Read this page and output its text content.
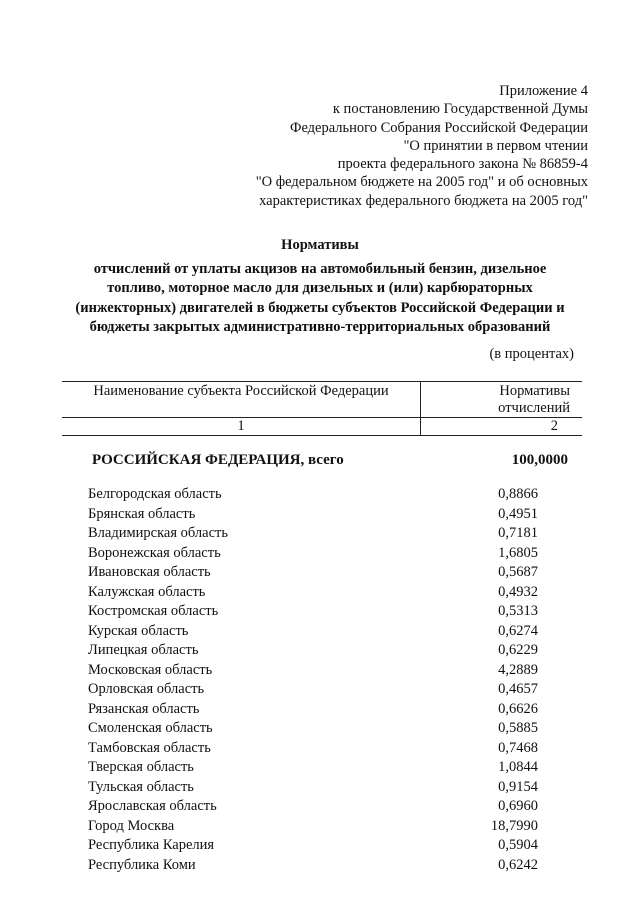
Приложение 4
к постановлению Государственной Думы
Федерального Собрания Российской Федерации
"О принятии в первом чтении
проекта федерального закона № 86859-4
"О федеральном бюджете на 2005 год" и об основных
характеристиках федерального бюджета на 2005 год"
Нормативы
отчислений от уплаты акцизов на автомобильный бензин, дизельное
топливо, моторное масло для дизельных и (или) карбюраторных
(инжекторных) двигателей в бюджеты субъектов Российской Федерации и
бюджеты закрытых административно-территориальных образований
(в процентах)
Наименование субъекта Российской Федерации	Нормативы
отчислений

1	2
РОССИЙСКАЯ ФЕДЕРАЦИЯ, всего	100,0000
Белгородская область	0,8866
Брянская область	0,4951
Владимирская область	0,7181
Воронежская область	1,6805
Ивановская область	0,5687
Калужская область	0,4932
Костромская область	0,5313
Курская область	0,6274
Липецкая область	0,6229
Московская область	4,2889
Орловская область	0,4657
Рязанская область	0,6626
Смоленская область	0,5885
Тамбовская область	0,7468
Тверская область	1,0844
Тульская область	0,9154
Ярославская область	0,6960
Город Москва	18,7990
Республика Карелия	0,5904
Республика Коми	0,6242
